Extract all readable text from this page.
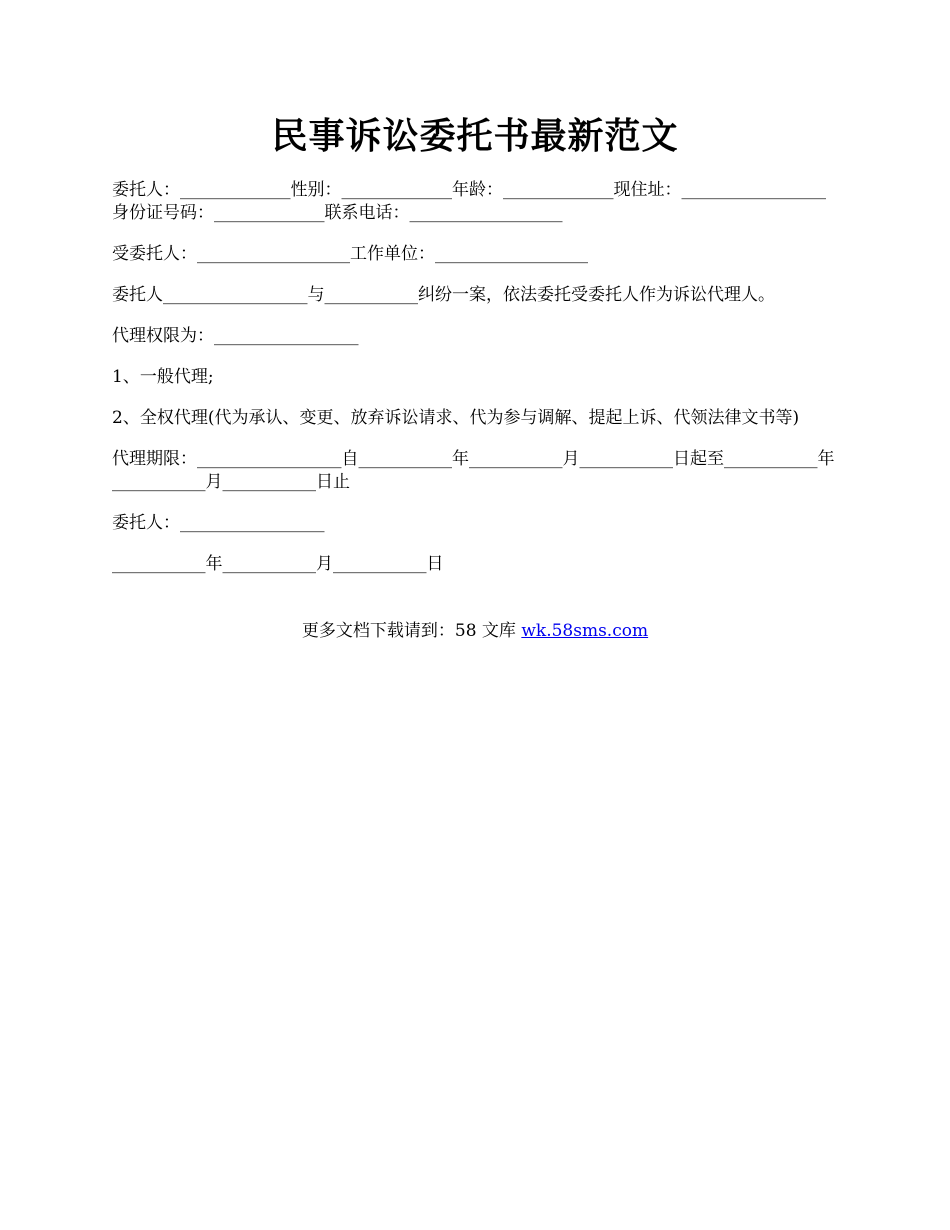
民事诉讼委托书最新范文

委托人：_____________性别：_____________年龄：_____________现住址：_________________身份证号码：_____________联系电话：__________________

受委托人：__________________工作单位：__________________

委托人_________________与___________纠纷一案，依法委托受委托人作为诉讼代理人。

代理权限为：_________________

1、一般代理;

2、全权代理(代为承认、变更、放弃诉讼请求、代为参与调解、提起上诉、代领法律文书等)

代理期限：_________________自___________年___________月___________日起至___________年___________月___________日止

委托人：_________________

___________年___________月___________日

更多文档下载请到：58 文库 wk.58sms.com
